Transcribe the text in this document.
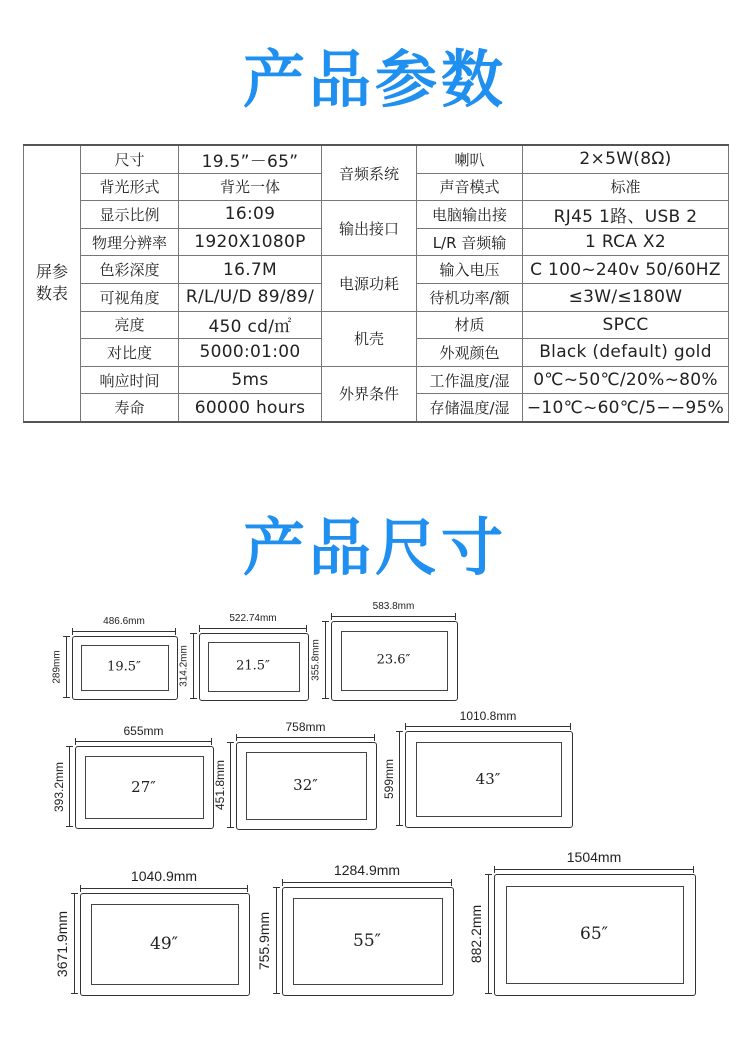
产品参数
屏参
数表	尺寸	19.5”－65”	音频系统	喇叭	2×5W(8Ω)
	背光形式	背光一体		声音模式	标准
	显示比例	16:09	输出接口	电脑输出接	RJ45 1路、USB 2
	物理分辨率	1920X1080P		L/R 音频输	1 RCA X2
	色彩深度	16.7M	电源功耗	输入电压	C 100~240v 50/60HZ
	可视角度	R/L/U/D 89/89/		待机功率/额	≤3W/≤180W
	亮度	450 cd/㎡	机壳	材质	SPCC
	对比度	5000:01:00		外观颜色	Black (default) gold
	响应时间	5ms	外界条件	工作温度/湿	0℃~50℃/20%~80%
	寿命	60000 hours		存储温度/湿	−10℃~60℃/5−−95%
产品尺寸
19.5″
486.6mm
289mm	21.5″
522.74mm
314.2mm	23.6″
583.8mm
355.8mm
27″
655mm
393.2mm	32″
758mm
451.8mm	43″
1010.8mm
599mm
49″
1040.9mm
3671.9mm	55″
1284.9mm
755.9mm	65″
1504mm
882.2mm
